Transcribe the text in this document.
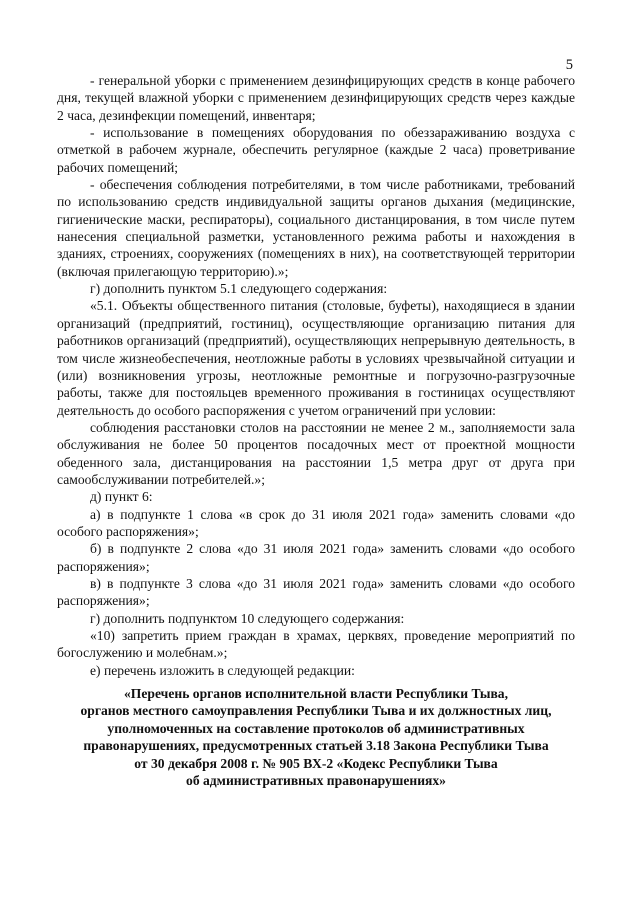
5

- генеральной уборки с применением дезинфицирующих средств в конце рабочего дня, текущей влажной уборки с применением дезинфицирующих средств через каждые 2 часа, дезинфекции помещений, инвентаря;

- использование в помещениях оборудования по обеззараживанию воздуха с отметкой в рабочем журнале, обеспечить регулярное (каждые 2 часа) проветривание рабочих помещений;

- обеспечения соблюдения потребителями, в том числе работниками, требований по использованию средств индивидуальной защиты органов дыхания (медицинские, гигиенические маски, респираторы), социального дистанцирования, в том числе путем нанесения специальной разметки, установленного режима работы и нахождения в зданиях, строениях, сооружениях (помещениях в них), на соответствующей территории (включая прилегающую территорию).»;

г) дополнить пунктом 5.1 следующего содержания:

«5.1. Объекты общественного питания (столовые, буфеты), находящиеся в здании организаций (предприятий, гостиниц), осуществляющие организацию питания для работников организаций (предприятий), осуществляющих непрерывную деятельность, в том числе жизнеобеспечения, неотложные работы в условиях чрезвычайной ситуации и (или) возникновения угрозы, неотложные ремонтные и погрузочно-разгрузочные работы, также для постояльцев временного проживания в гостиницах осуществляют деятельность до особого распоряжения с учетом ограничений при условии:

соблюдения расстановки столов на расстоянии не менее 2 м., заполняемости зала обслуживания не более 50 процентов посадочных мест от проектной мощности обеденного зала, дистанцирования на расстоянии 1,5 метра друг от друга при самообслуживании потребителей.»;

д) пункт 6:

а) в подпункте 1 слова «в срок до 31 июля 2021 года» заменить словами «до особого распоряжения»;

б) в подпункте 2 слова «до 31 июля 2021 года» заменить словами «до особого распоряжения»;

в) в подпункте 3 слова «до 31 июля 2021 года» заменить словами «до особого распоряжения»;

г) дополнить подпунктом 10 следующего содержания:

«10) запретить прием граждан в храмах, церквях, проведение мероприятий по богослужению и молебнам.»;

е) перечень изложить в следующей редакции:

«Перечень органов исполнительной власти Республики Тыва,
органов местного самоуправления Республики Тыва и их должностных лиц,
уполномоченных на составление протоколов об административных
правонарушениях, предусмотренных статьей 3.18 Закона Республики Тыва
от 30 декабря 2008 г. № 905 ВХ-2 «Кодекс Республики Тыва
об административных правонарушениях»
